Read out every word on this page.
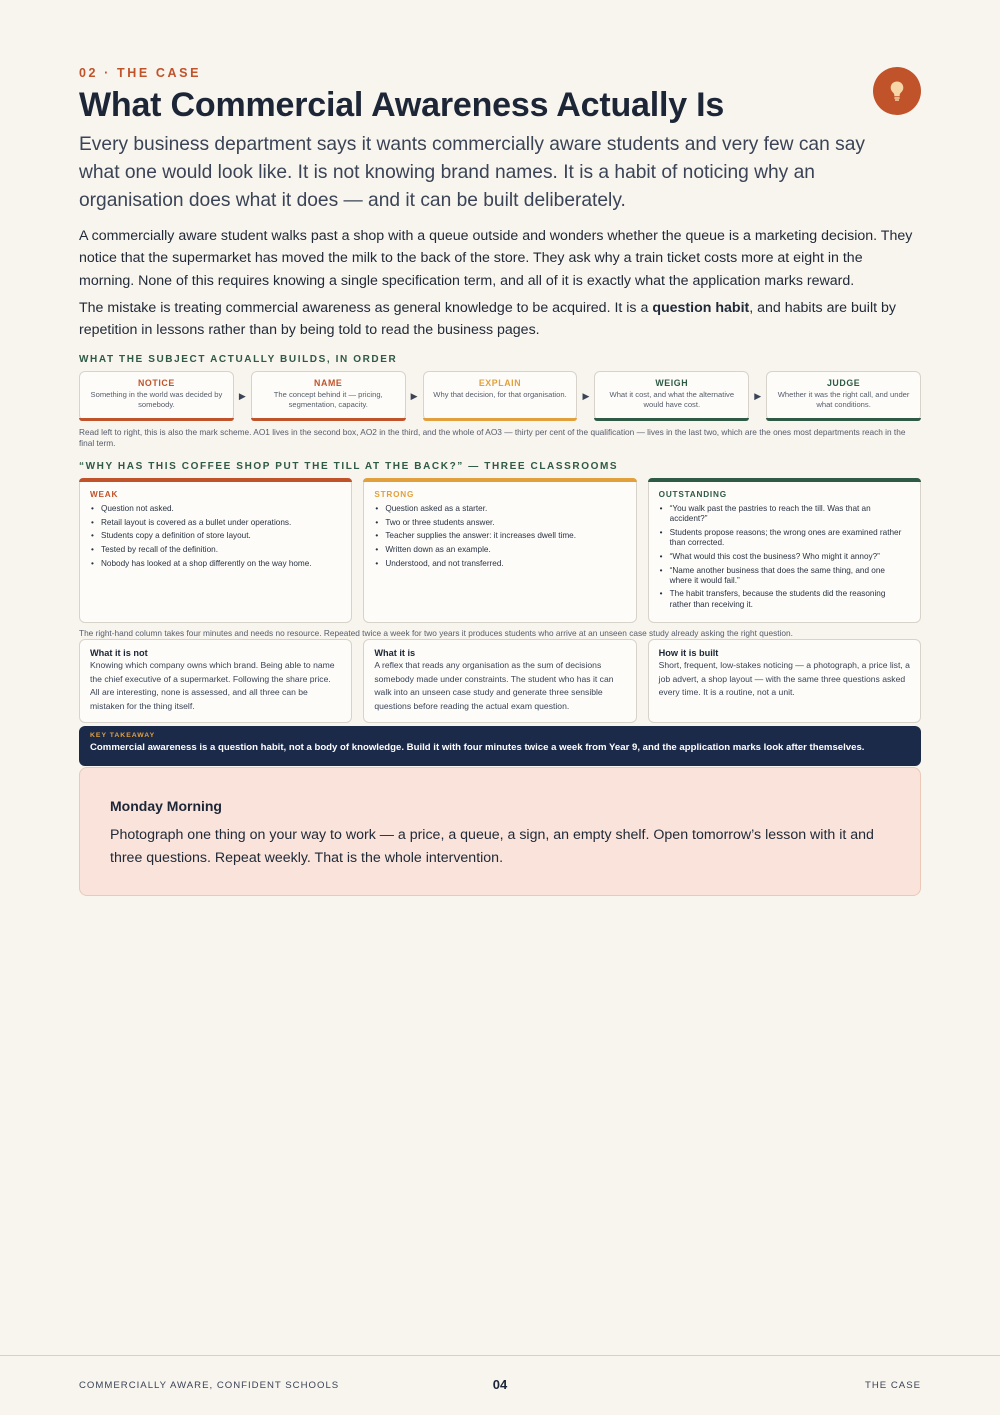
02 · THE CASE
What Commercial Awareness Actually Is

Every business department says it wants commercially aware students and very few can say what one would look like. It is not knowing brand names. It is a habit of noticing why an organisation does what it does — and it can be built deliberately.

A commercially aware student walks past a shop with a queue outside and wonders whether the queue is a marketing decision. They notice that the supermarket has moved the milk to the back of the store. They ask why a train ticket costs more at eight in the morning. None of this requires knowing a single specification term, and all of it is exactly what the application marks reward.

The mistake is treating commercial awareness as general knowledge to be acquired. It is a question habit, and habits are built by repetition in lessons rather than by being told to read the business pages.

WHAT THE SUBJECT ACTUALLY BUILDS, IN ORDER
NOTICE
Something in the world was decided by somebody.
▶
NAME
The concept behind it — pricing, segmentation, capacity.
▶
EXPLAIN
Why that decision, for that organisation.	▶
WEIGH
What it cost, and what the alternative would have cost.
▶
JUDGE
Whether it was the right call, and under what conditions.

Read left to right, this is also the mark scheme. AO1 lives in the second box, AO2 in the third, and the whole of AO3 — thirty per cent of the qualification — lives in the last two, which are the ones most departments reach in the final term.

“WHY HAS THIS COFFEE SHOP PUT THE TILL AT THE BACK?” — THREE CLASSROOMS
WEAK
• Question not asked.
• Retail layout is covered as a bullet under operations.
• Students copy a definition of store layout.
• Tested by recall of the definition.
• Nobody has looked at a shop differently on the way home.
STRONG
• Question asked as a starter.
• Two or three students answer.
• Teacher supplies the answer: it increases dwell time.
• Written down as an example.
• Understood, and not transferred.
OUTSTANDING
• “You walk past the pastries to reach the till. Was that an accident?”
• Students propose reasons; the wrong ones are examined rather than corrected.
• “What would this cost the business? Who might it annoy?”
• “Name another business that does the same thing, and one where it would fail.”
• The habit transfers, because the students did the reasoning rather than receiving it.

The right-hand column takes four minutes and needs no resource. Repeated twice a week for two years it produces students who arrive at an unseen case study already asking the right question.

What it is not
Knowing which company owns which brand. Being able to name the chief executive of a supermarket. Following the share price. All are interesting, none is assessed, and all three can be mistaken for the thing itself.
What it is
A reflex that reads any organisation as the sum of decisions somebody made under constraints. The student who has it can walk into an unseen case study and generate three sensible questions before reading the actual exam question.
How it is built
Short, frequent, low-stakes noticing — a photograph, a price list, a job advert, a shop layout — with the same three questions asked every time. It is a routine, not a unit.
KEY TAKEAWAY
Commercial awareness is a question habit, not a body of knowledge. Build it with four minutes twice a week from Year 9, and the application marks look after themselves.
Monday Morning

Photograph one thing on your way to work — a price, a queue, a sign, an empty shelf. Open tomorrow’s lesson with it and three questions. Repeat weekly. That is the whole intervention.

COMMERCIALLY AWARE, CONFIDENT SCHOOLS	04	THE CASE
